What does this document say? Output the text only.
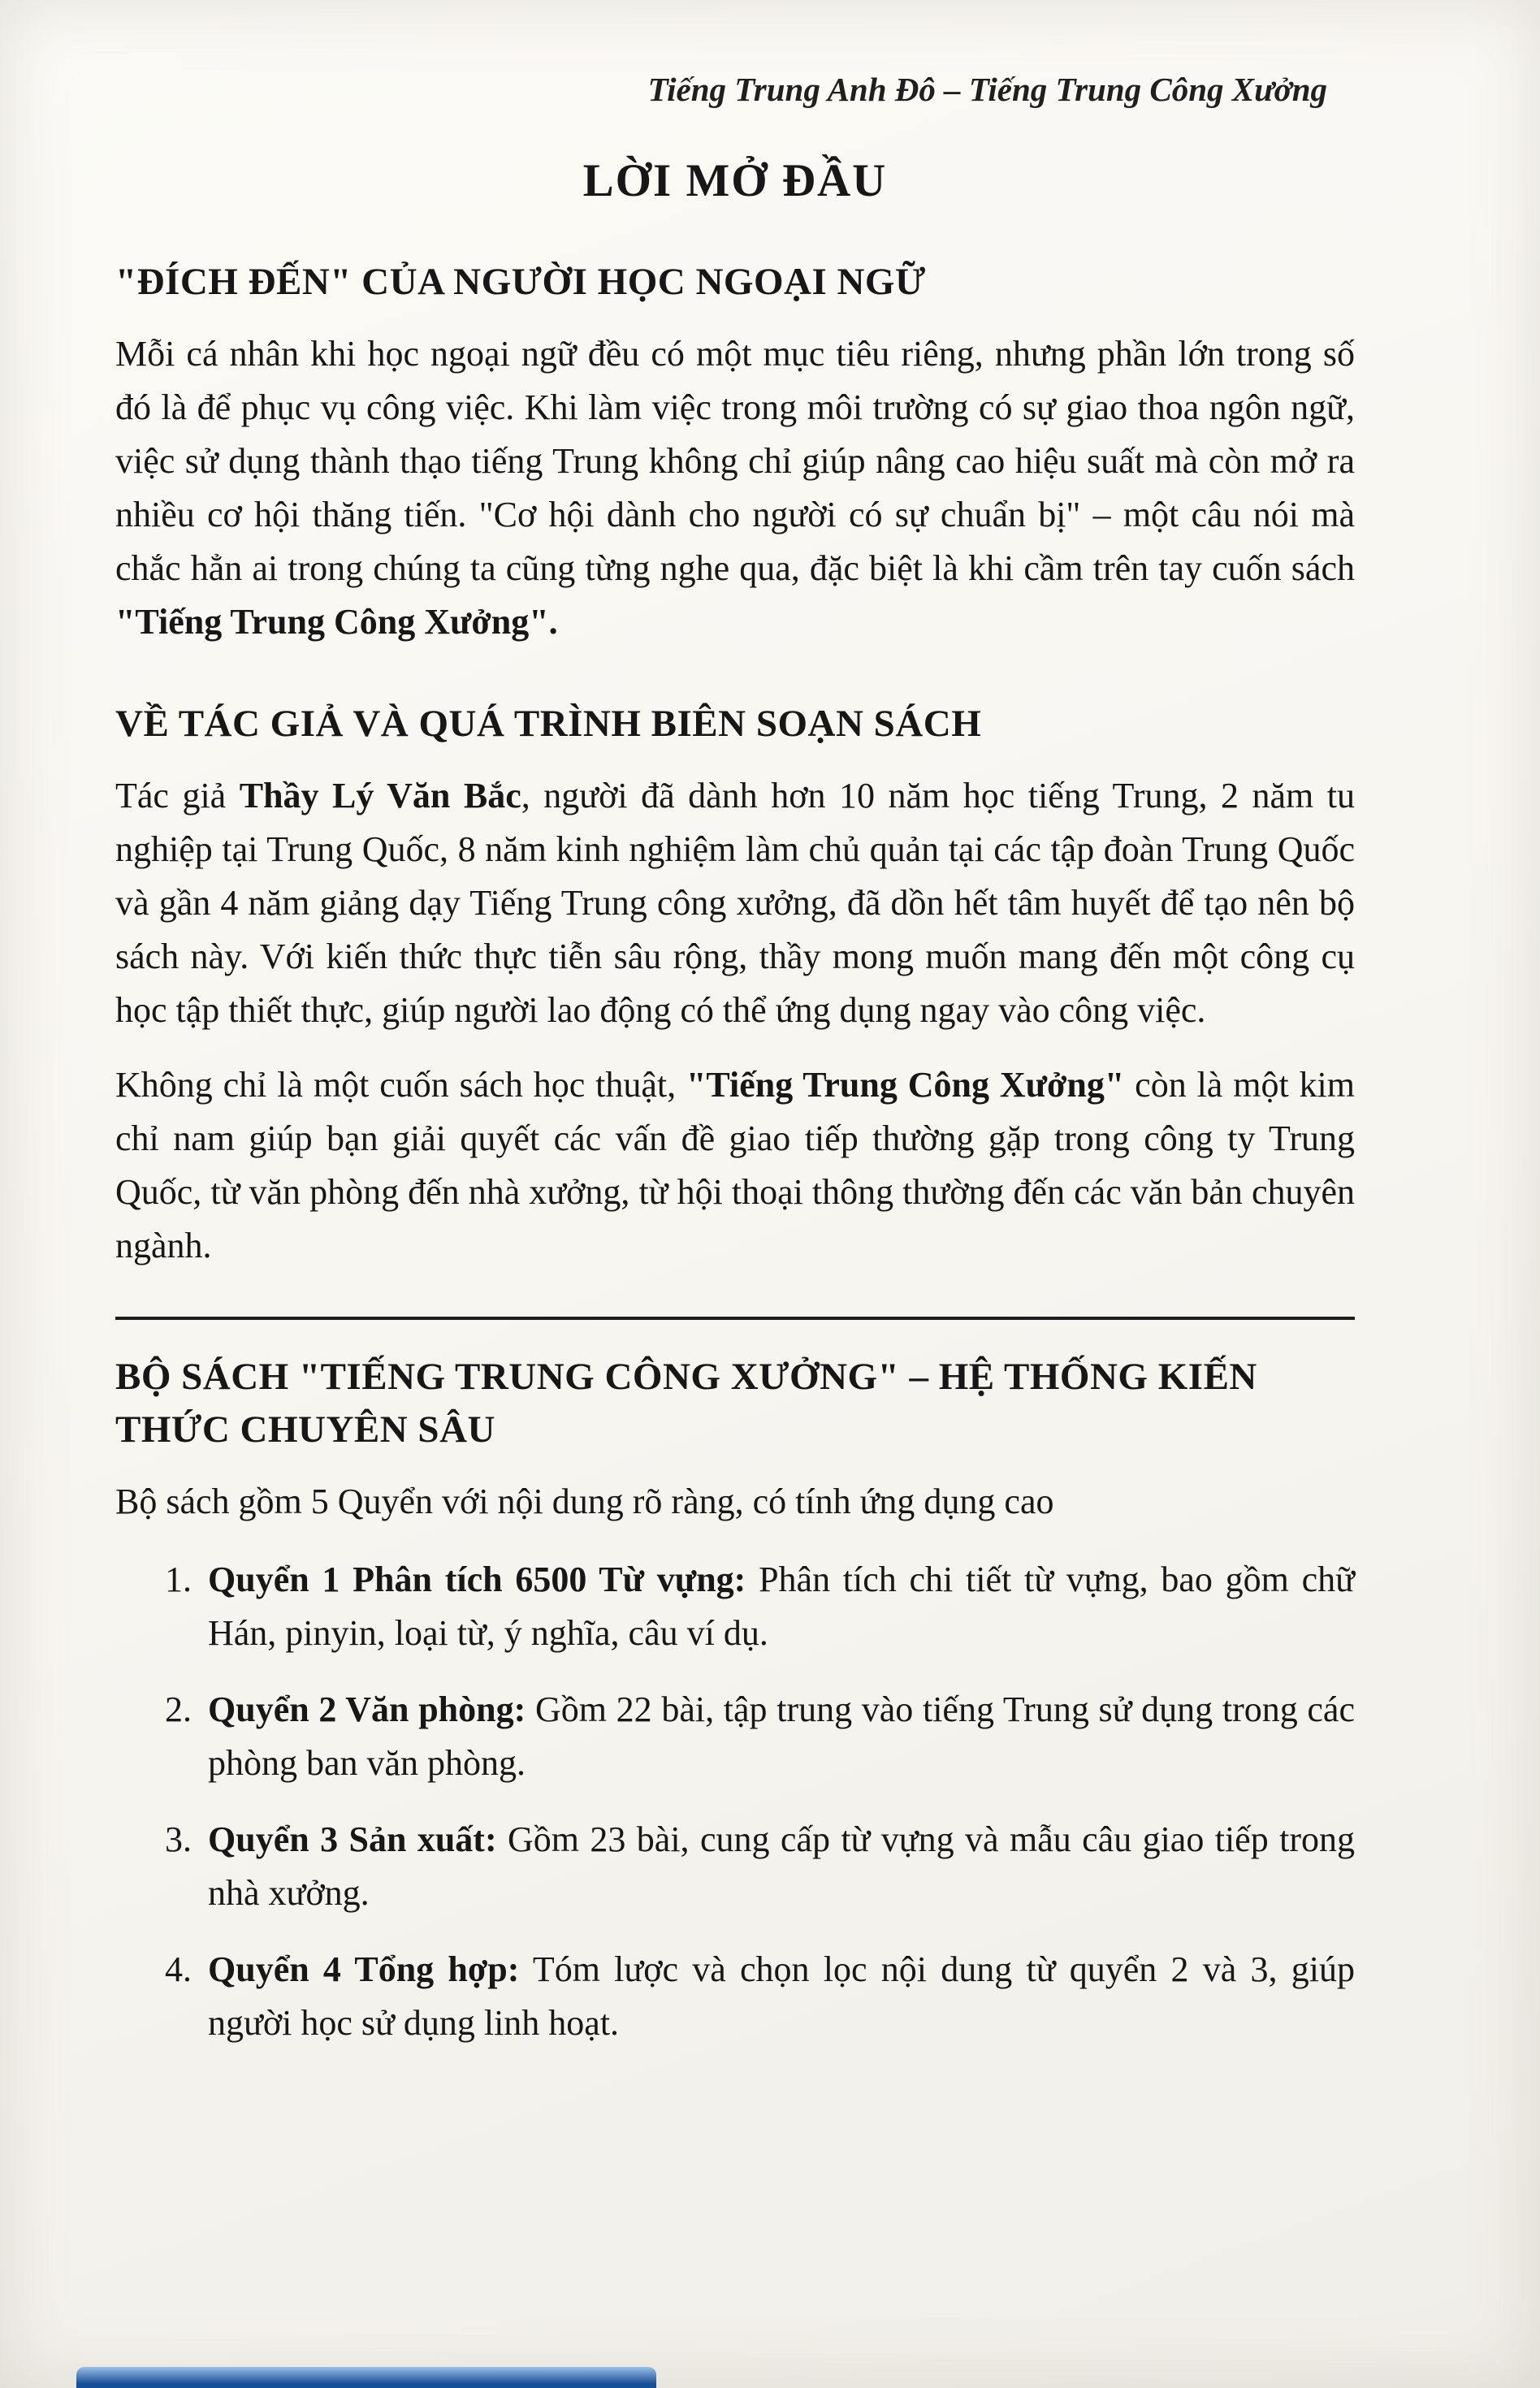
Tiếng Trung Anh Đô – Tiếng Trung Công Xưởng
LỜI MỞ ĐẦU
"ĐÍCH ĐẾN" CỦA NGƯỜI HỌC NGOẠI NGỮ

Mỗi cá nhân khi học ngoại ngữ đều có một mục tiêu riêng, nhưng phần lớn trong số đó là để phục vụ công việc. Khi làm việc trong môi trường có sự giao thoa ngôn ngữ, việc sử dụng thành thạo tiếng Trung không chỉ giúp nâng cao hiệu suất mà còn mở ra nhiều cơ hội thăng tiến. "Cơ hội dành cho người có sự chuẩn bị" – một câu nói mà chắc hẳn ai trong chúng ta cũng từng nghe qua, đặc biệt là khi cầm trên tay cuốn sách "Tiếng Trung Công Xưởng".

VỀ TÁC GIẢ VÀ QUÁ TRÌNH BIÊN SOẠN SÁCH

Tác giả Thầy Lý Văn Bắc, người đã dành hơn 10 năm học tiếng Trung, 2 năm tu nghiệp tại Trung Quốc, 8 năm kinh nghiệm làm chủ quản tại các tập đoàn Trung Quốc và gần 4 năm giảng dạy Tiếng Trung công xưởng, đã dồn hết tâm huyết để tạo nên bộ sách này. Với kiến thức thực tiễn sâu rộng, thầy mong muốn mang đến một công cụ học tập thiết thực, giúp người lao động có thể ứng dụng ngay vào công việc.

Không chỉ là một cuốn sách học thuật, "Tiếng Trung Công Xưởng" còn là một kim chỉ nam giúp bạn giải quyết các vấn đề giao tiếp thường gặp trong công ty Trung Quốc, từ văn phòng đến nhà xưởng, từ hội thoại thông thường đến các văn bản chuyên ngành.

BỘ SÁCH "TIẾNG TRUNG CÔNG XƯỞNG" – HỆ THỐNG KIẾN THỨC CHUYÊN SÂU

Bộ sách gồm 5 Quyển với nội dung rõ ràng, có tính ứng dụng cao

1. Quyển 1 Phân tích 6500 Từ vựng: Phân tích chi tiết từ vựng, bao gồm chữ Hán, pinyin, loại từ, ý nghĩa, câu ví dụ.
2. Quyển 2 Văn phòng: Gồm 22 bài, tập trung vào tiếng Trung sử dụng trong các phòng ban văn phòng.
3. Quyển 3 Sản xuất: Gồm 23 bài, cung cấp từ vựng và mẫu câu giao tiếp trong nhà xưởng.
4. Quyển 4 Tổng hợp: Tóm lược và chọn lọc nội dung từ quyển 2 và 3, giúp người học sử dụng linh hoạt.
